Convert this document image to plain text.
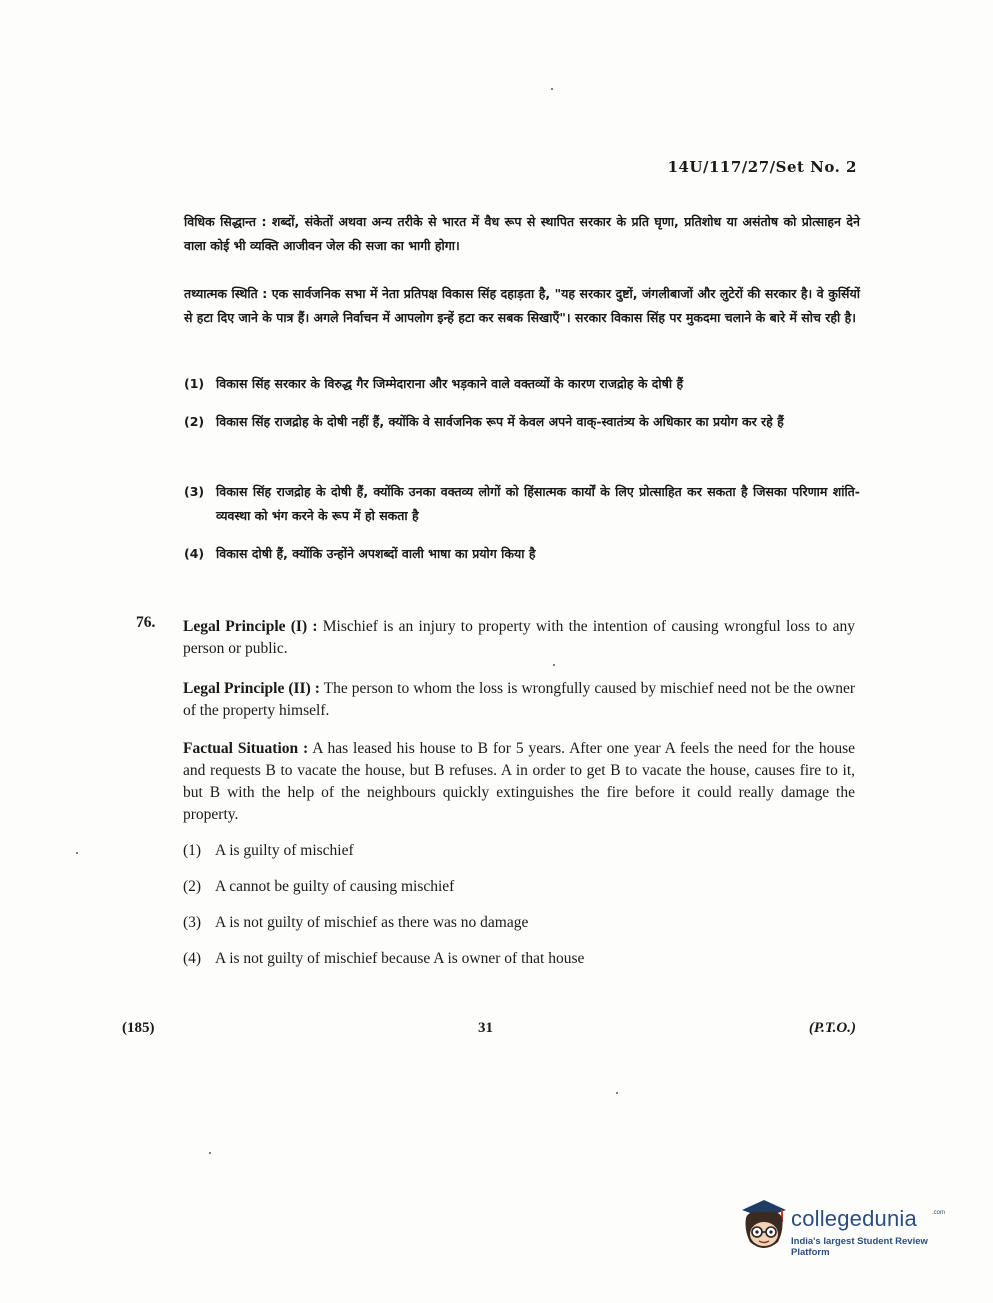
14U/117/27/Set No. 2
विधिक सिद्धान्त : शब्दों, संकेतों अथवा अन्य तरीके से भारत में वैध रूप से स्थापित सरकार के प्रति घृणा, प्रतिशोध या असंतोष को प्रोत्साहन देने वाला कोई भी व्यक्ति आजीवन जेल की सजा का भागी होगा।
तथ्यात्मक स्थिति : एक सार्वजनिक सभा में नेता प्रतिपक्ष विकास सिंह दहाड़ता है, "यह सरकार दुष्टों, जंगलीबाजों और लुटेरों की सरकार है। वे कुर्सियों से हटा दिए जाने के पात्र हैं। अगले निर्वाचन में आपलोग इन्हें हटा कर सबक सिखाएँ"। सरकार विकास सिंह पर मुकदमा चलाने के बारे में सोच रही है।
(1) विकास सिंह सरकार के विरुद्ध गैर जिम्मेदाराना और भड़काने वाले वक्तव्यों के कारण राजद्रोह के दोषी हैं
(2) विकास सिंह राजद्रोह के दोषी नहीं हैं, क्योंकि वे सार्वजनिक रूप में केवल अपने वाक्-स्वातंत्र्य के अधिकार का प्रयोग कर रहे हैं
(3) विकास सिंह राजद्रोह के दोषी हैं, क्योंकि उनका वक्तव्य लोगों को हिंसात्मक कार्यों के लिए प्रोत्साहित कर सकता है जिसका परिणाम शांति-व्यवस्था को भंग करने के रूप में हो सकता है
(4) विकास दोषी हैं, क्योंकि उन्होंने अपशब्दों वाली भाषा का प्रयोग किया है
76. Legal Principle (I) : Mischief is an injury to property with the intention of causing wrongful loss to any person or public.
Legal Principle (II) : The person to whom the loss is wrongfully caused by mischief need not be the owner of the property himself.
Factual Situation : A has leased his house to B for 5 years. After one year A feels the need for the house and requests B to vacate the house, but B refuses. A in order to get B to vacate the house, causes fire to it, but B with the help of the neighbours quickly extinguishes the fire before it could really damage the property.
(1) A is guilty of mischief
(2) A cannot be guilty of causing mischief
(3) A is not guilty of mischief as there was no damage
(4) A is not guilty of mischief because A is owner of that house
(185)	31	(P.T.O.)
collegedunia	.com
India's largest Student Review Platform
